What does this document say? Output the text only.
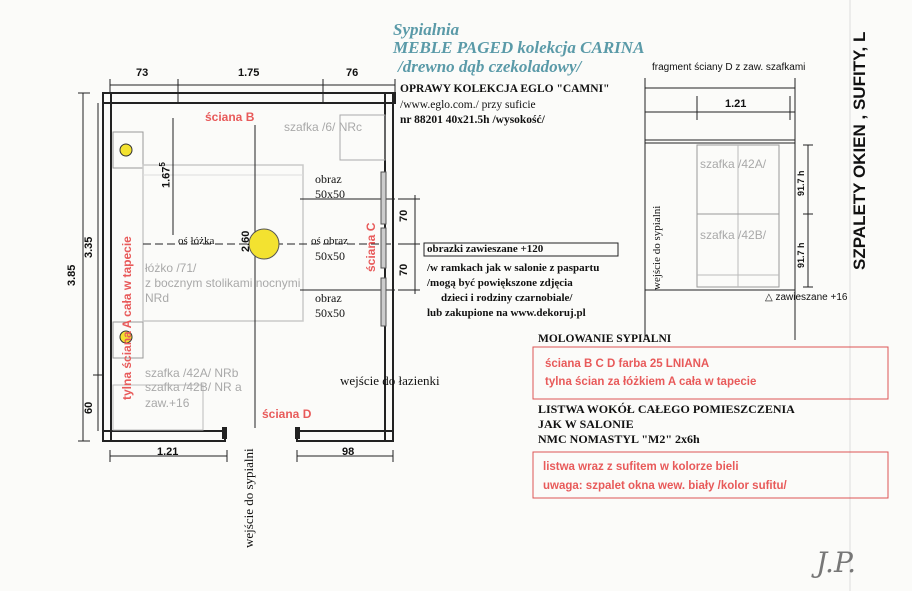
Sypialnia
MEBLE PAGED kolekcja CARINA
/drewno dąb czekoladowy/
OPRAWY KOLEKCJA EGLO "CAMNI"
/www.eglo.com./ przy suficie
nr 88201 40x21.5h /wysokość/
73	1.75	76
3.85
3.35
60
1.21	98
1.67$^5$
2.60
70
70
ściana B
ściana C
ściana D
tylna ściana A cała w tapecie
szafka /6/ NRc
oś łóżka	oś obraz
obraz
50x50
50x50
obraz
50x50
łóżko /71/
z bocznym stolikami nocnymi
NRd
szafka /42A/ NRb
szafka /42B/ NR a
zaw.+16
wejście do łazienki
wejście do sypialni
obrazki zawieszane +120
/w ramkach jak w salonie z paspartu
/mogą być powiększone zdjęcia
dzieci i rodziny czarnobiale/
lub zakupione na www.dekoruj.pl
fragment ściany D z zaw. szafkami
1.21
szafka /42A/
szafka /42B/
wejście do sypialni
91.7 h
91.7 h
△ zawieszane +16
SZPALETY OKIEN , SUFITY, L
MOLOWANIE SYPIALNI
ściana B C D farba 25 LNIANA
tylna ścian za łóżkiem A cała w tapecie
LISTWA WOKÓŁ CAŁEGO POMIESZCZENIA
JAK W SALONIE
NMC NOMASTYL "M2" 2x6h
listwa wraz z sufitem w kolorze bieli
uwaga: szpalet okna wew. biały /kolor sufitu/
J.P.
